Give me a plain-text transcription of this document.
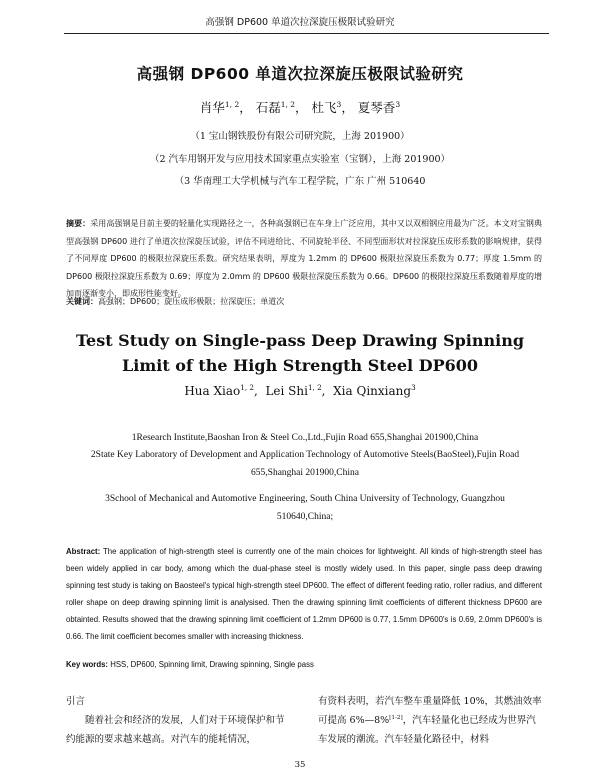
高强钢 DP600 单道次拉深旋压极限试验研究
高强钢 DP600 单道次拉深旋压极限试验研究
肖华$^{1, 2}$， 石磊$^{1, 2}$， 杜飞$^3$， 夏琴香$^3$
（1 宝山钢铁股份有限公司研究院，上海 201900）
（2 汽车用钢开发与应用技术国家重点实验室（宝钢），上海 201900）
（3 华南理工大学机械与汽车工程学院，广东 广州 510640
摘要：采用高强钢是目前主要的轻量化实现路径之一，各种高强钢已在车身上广泛应用，其中又以双相钢应用最为广泛。本文对宝钢典型高强钢 DP600 进行了单道次拉深旋压试验，评估不同进给比、不同旋轮半径、不同型面形状对拉深旋压成形系数的影响规律，获得了不同厚度 DP600 的极限拉深旋压系数。研究结果表明，厚度为 1.2mm 的 DP600 极限拉深旋压系数为 0.77；厚度 1.5mm 的 DP600 极限拉深旋压系数为 0.69；厚度为 2.0mm 的 DP600 极限拉深旋压系数为 0.66。DP600 的极限拉深旋压系数随着厚度的增加而逐渐变小，即成形性能变好。
关键词：高强钢；DP600；旋压成形极限；拉深旋压；单道次
Test Study on Single-pass Deep Drawing Spinning Limit of the High Strength Steel DP600
Hua Xiao$^{1, 2}$,  Lei Shi$^{1, 2}$,  Xia Qinxiang$^3$
1Research Institute,Baoshan Iron & Steel Co.,Ltd.,Fujin Road 655,Shanghai 201900,China
2State Key Laboratory of Development and Application Technology of Automotive Steels(BaoSteel),Fujin Road 655,Shanghai 201900,China
3School of Mechanical and Automotive Engineering, South China University of Technology, Guangzhou 510640,China;
Abstract: The application of high-strength steel is currently one of the main choices for lightweight. All kinds of high-strength steel has been widely applied in car body, among which the dual-phase steel is mostly widely used. In this paper, single pass deep drawing spinning test study is taking on Baosteel's typical high-strength steel DP600. The effect of different feeding ratio, roller radius, and different roller shape on deep drawing spinning limit is analysised. Then the drawing spinning limit coefficients of different thickness DP600 are obtainted. Results showed that the drawing spinning limit coefficient of 1.2mm DP600 is 0.77, 1.5mm DP600's is 0.69, 2.0mm DP600's is 0.66. The limit coefficient becomes smaller with increasing thickness.
Key words: HSS, DP600, Spinning limit, Drawing spinning, Single pass
引言
随着社会和经济的发展，人们对于环境保护和节约能源的要求越来越高。对汽车的能耗情况，
有资料表明，若汽车整车重量降低 10%，其燃油效率可提高 6%—8%[1-2]，汽车轻量化也已经成为世界汽车发展的潮流。汽车轻量化路径中，材料
35
